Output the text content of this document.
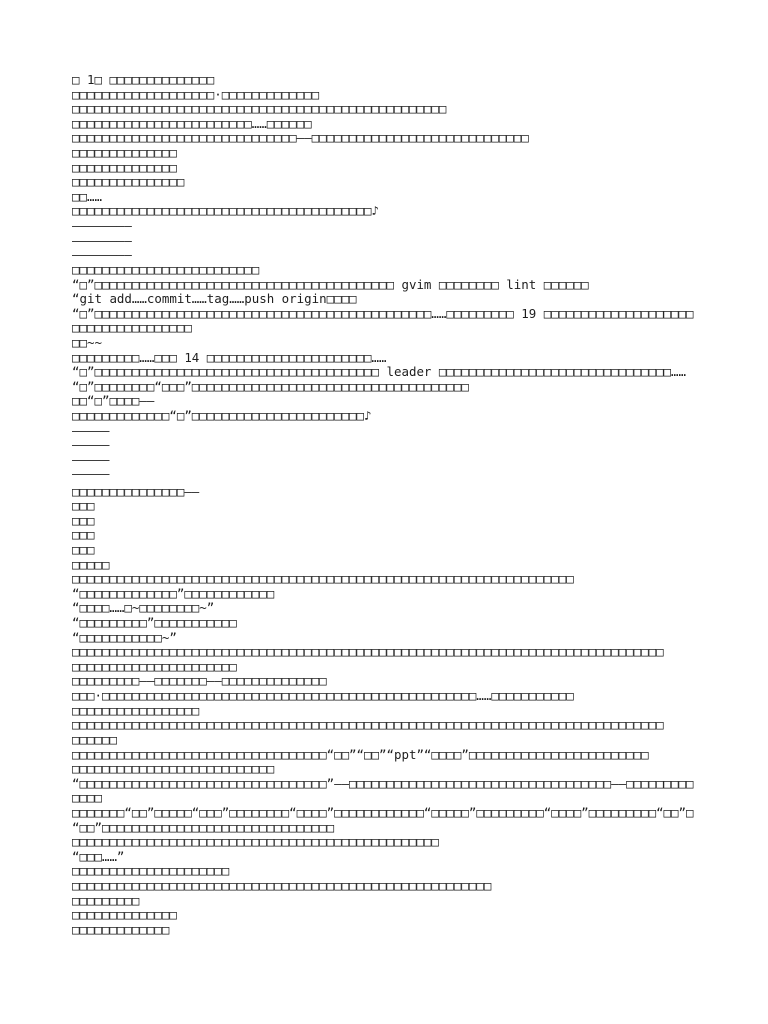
□ 1□ □□□□□□□□□□□□□□
□□□□□□□□□□□□□□□□□□□·□□□□□□□□□□□□□
□□□□□□□□□□□□□□□□□□□□□□□□□□□□□□□□□□□□□□□□□□□□□□□□□□
□□□□□□□□□□□□□□□□□□□□□□□□……□□□□□□
□□□□□□□□□□□□□□□□□□□□□□□□□□□□□□——□□□□□□□□□□□□□□□□□□□□□□□□□□□□□
□□□□□□□□□□□□□□
□□□□□□□□□□□□□□
□□□□□□□□□□□□□□□
□□……
□□□□□□□□□□□□□□□□□□□□□□□□□□□□□□□□□□□□□□□□♪
————————
————————
————————
□□□□□□□□□□□□□□□□□□□□□□□□□
“□”□□□□□□□□□□□□□□□□□□□□□□□□□□□□□□□□□□□□□□□□ gvim □□□□□□□□ lint □□□□□□
“git add……commit……tag……push origin□□□□
“□”□□□□□□□□□□□□□□□□□□□□□□□□□□□□□□□□□□□□□□□□□□□□□……□□□□□□□□□ 19 □□□□□□□□□□□□□□□□□□□□
□□□□□□□□□□□□□□□□
□□~~
□□□□□□□□□……□□□ 14 □□□□□□□□□□□□□□□□□□□□□□……
“□”□□□□□□□□□□□□□□□□□□□□□□□□□□□□□□□□□□□□□□ leader □□□□□□□□□□□□□□□□□□□□□□□□□□□□□□□……
“□”□□□□□□□□“□□□”□□□□□□□□□□□□□□□□□□□□□□□□□□□□□□□□□□□□□
□□“□”□□□□——
□□□□□□□□□□□□□“□”□□□□□□□□□□□□□□□□□□□□□□□♪
—————
—————
—————
—————
□□□□□□□□□□□□□□□——
□□□
□□□
□□□
□□□
□□□□□
□□□□□□□□□□□□□□□□□□□□□□□□□□□□□□□□□□□□□□□□□□□□□□□□□□□□□□□□□□□□□□□□□□□
“□□□□□□□□□□□□□”□□□□□□□□□□□□
“□□□□……□~□□□□□□□□~”
“□□□□□□□□□”□□□□□□□□□□□
“□□□□□□□□□□□~”
□□□□□□□□□□□□□□□□□□□□□□□□□□□□□□□□□□□□□□□□□□□□□□□□□□□□□□□□□□□□□□□□□□□□□□□□□□□□□□□
□□□□□□□□□□□□□□□□□□□□□□
□□□□□□□□□——□□□□□□□——□□□□□□□□□□□□□□
□□□·□□□□□□□□□□□□□□□□□□□□□□□□□□□□□□□□□□□□□□□□□□□□□□□□□□……□□□□□□□□□□□
□□□□□□□□□□□□□□□□□
□□□□□□□□□□□□□□□□□□□□□□□□□□□□□□□□□□□□□□□□□□□□□□□□□□□□□□□□□□□□□□□□□□□□□□□□□□□□□□□
□□□□□□
□□□□□□□□□□□□□□□□□□□□□□□□□□□□□□□□□□“□□”“□□”“ppt”“□□□□”□□□□□□□□□□□□□□□□□□□□□□□□
□□□□□□□□□□□□□□□□□□□□□□□□□□□
“□□□□□□□□□□□□□□□□□□□□□□□□□□□□□□□□□”——□□□□□□□□□□□□□□□□□□□□□□□□□□□□□□□□□□□——□□□□□□□□□
□□□□
□□□□□□□“□□”□□□□□“□□□”□□□□□□□□“□□□□”□□□□□□□□□□□□“□□□□□”□□□□□□□□□“□□□□”□□□□□□□□□“□□”□
“□□”□□□□□□□□□□□□□□□□□□□□□□□□□□□□□□□
□□□□□□□□□□□□□□□□□□□□□□□□□□□□□□□□□□□□□□□□□□□□□□□□□
“□□□……”
□□□□□□□□□□□□□□□□□□□□□
□□□□□□□□□□□□□□□□□□□□□□□□□□□□□□□□□□□□□□□□□□□□□□□□□□□□□□□□
□□□□□□□□□
□□□□□□□□□□□□□□
□□□□□□□□□□□□□
